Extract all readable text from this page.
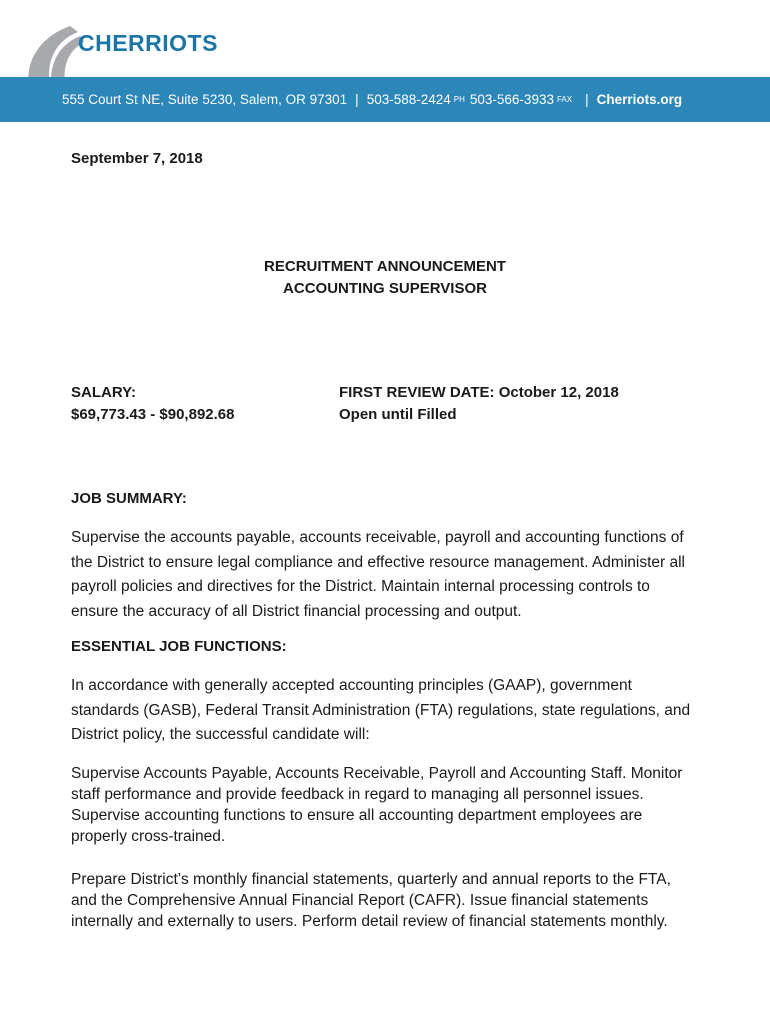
CHERRIOTS
555 Court St NE, Suite 5230, Salem, OR 97301 | 503-588-2424 PH 503-566-3933 FAX | Cherriots.org
September 7, 2018
RECRUITMENT ANNOUNCEMENT
ACCOUNTING SUPERVISOR
SALARY:
$69,773.43 - $90,892.68
FIRST REVIEW DATE: October 12, 2018
Open until Filled
JOB SUMMARY:
Supervise the accounts payable, accounts receivable, payroll and accounting functions of the District to ensure legal compliance and effective resource management. Administer all payroll policies and directives for the District. Maintain internal processing controls to ensure the accuracy of all District financial processing and output.
ESSENTIAL JOB FUNCTIONS:
In accordance with generally accepted accounting principles (GAAP), government standards (GASB), Federal Transit Administration (FTA) regulations, state regulations, and District policy, the successful candidate will:
Supervise Accounts Payable, Accounts Receivable, Payroll and Accounting Staff. Monitor staff performance and provide feedback in regard to managing all personnel issues. Supervise accounting functions to ensure all accounting department employees are properly cross-trained.
Prepare District’s monthly financial statements, quarterly and annual reports to the FTA, and the Comprehensive Annual Financial Report (CAFR). Issue financial statements internally and externally to users. Perform detail review of financial statements monthly.
